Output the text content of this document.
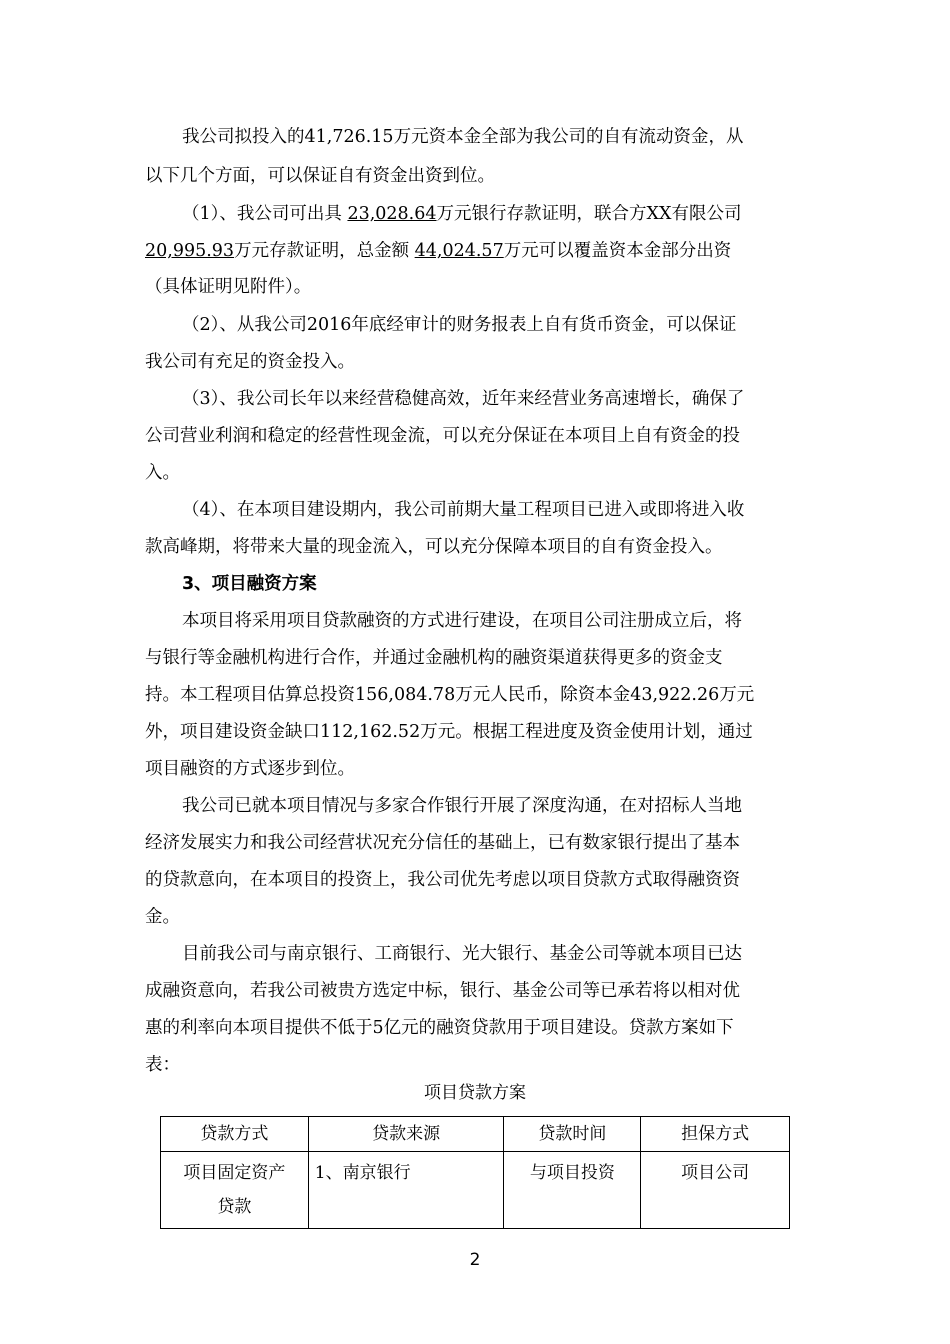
我公司拟投入的41,726.15万元资本金全部为我公司的自有流动资金，从
以下几个方面，可以保证自有资金出资到位。
（1）、我公司可出具 23,028.64万元银行存款证明，联合方XX有限公司
20,995.93万元存款证明，总金额 44,024.57万元可以覆盖资本金部分出资
（具体证明见附件）。
（2）、从我公司2016年底经审计的财务报表上自有货币资金，可以保证
我公司有充足的资金投入。
（3）、我公司长年以来经营稳健高效，近年来经营业务高速增长，确保了
公司营业利润和稳定的经营性现金流，可以充分保证在本项目上自有资金的投
入。
（4）、在本项目建设期内，我公司前期大量工程项目已进入或即将进入收
款高峰期，将带来大量的现金流入，可以充分保障本项目的自有资金投入。
3、项目融资方案
本项目将采用项目贷款融资的方式进行建设，在项目公司注册成立后，将
与银行等金融机构进行合作，并通过金融机构的融资渠道获得更多的资金支
持。本工程项目估算总投资156,084.78万元人民币，除资本金43,922.26万元
外，项目建设资金缺口112,162.52万元。根据工程进度及资金使用计划，通过
项目融资的方式逐步到位。
我公司已就本项目情况与多家合作银行开展了深度沟通，在对招标人当地
经济发展实力和我公司经营状况充分信任的基础上，已有数家银行提出了基本
的贷款意向，在本项目的投资上，我公司优先考虑以项目贷款方式取得融资资
金。
目前我公司与南京银行、工商银行、光大银行、基金公司等就本项目已达
成融资意向，若我公司被贵方选定中标，银行、基金公司等已承若将以相对优
惠的利率向本项目提供不低于5亿元的融资贷款用于项目建设。贷款方案如下
表：
项目贷款方案
贷款方式	贷款来源	贷款时间	担保方式

项目固定资产
贷款	1、南京银行	与项目投资	项目公司
2
